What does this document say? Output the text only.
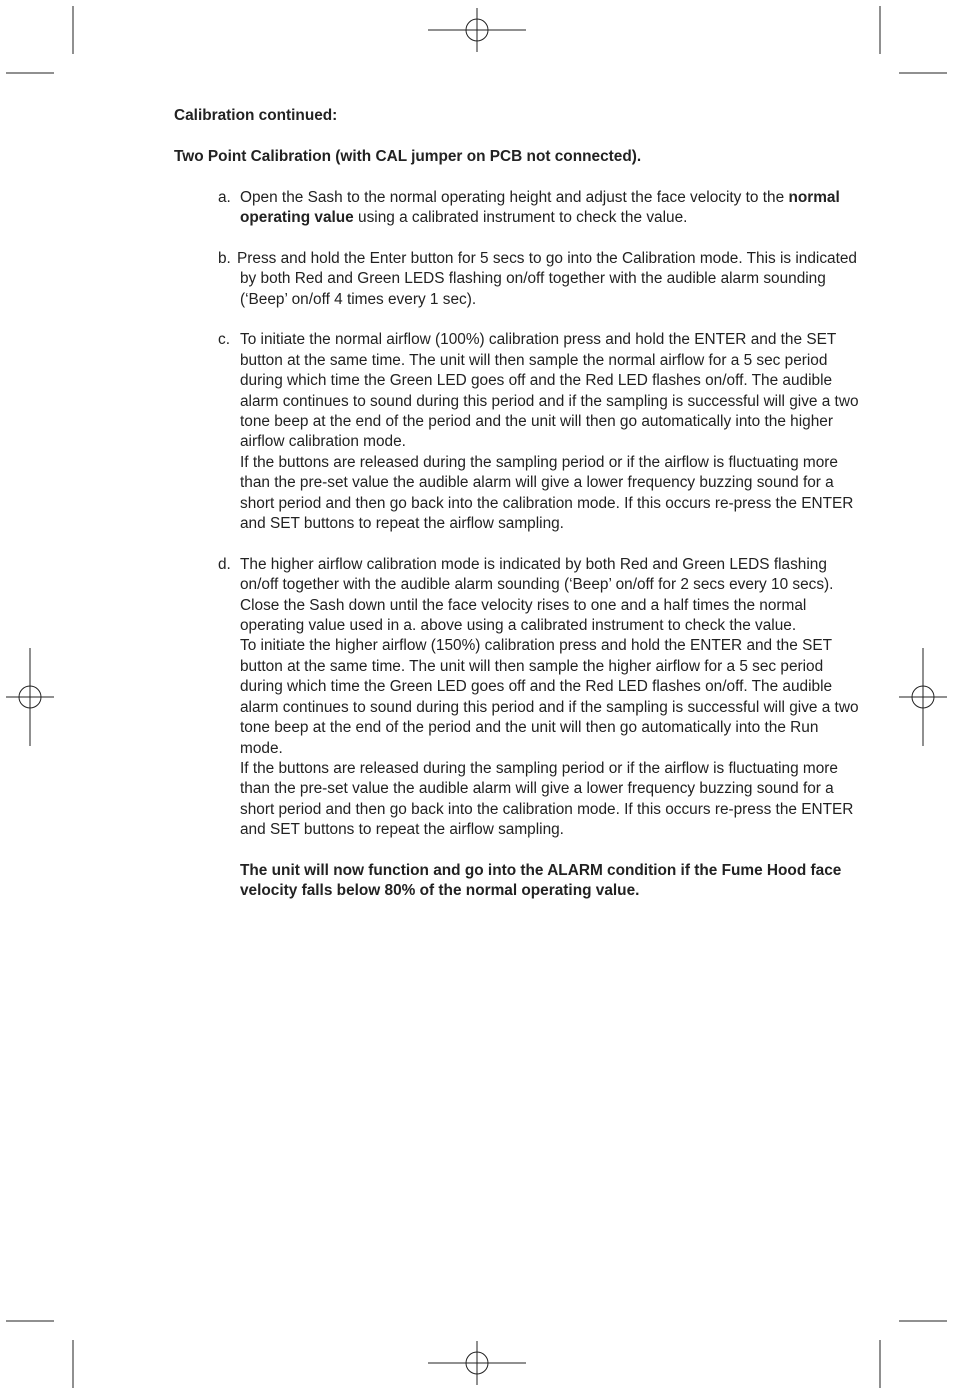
Calibration continued:

Two Point Calibration (with CAL jumper on PCB not connected).

a. Open the Sash to the normal operating height and adjust the face velocity to the normal operating value using a calibrated instrument to check the value.

b. Press and hold the Enter button for 5 secs to go into the Calibration mode. This is indicated by both Red and Green LEDS flashing on/off together with the audible alarm sounding (‘Beep’ on/off 4 times every 1 sec).

c. To initiate the normal airflow (100%) calibration press and hold the ENTER and the SET button at the same time. The unit will then sample the normal airflow for a 5 sec period during which time the Green LED goes off and the Red LED flashes on/off. The audible alarm continues to sound during this period and if the sampling is successful will give a two tone beep at the end of the period and the unit will then go automatically into the higher airflow calibration mode.

If the buttons are released during the sampling period or if the airflow is fluctuating more than the pre-set value the audible alarm will give a lower frequency buzzing sound for a short period and then go back into the calibration mode. If this occurs re-press the ENTER and SET buttons to repeat the airflow sampling.

d. The higher airflow calibration mode is indicated by both Red and Green LEDS flashing on/off together with the audible alarm sounding (‘Beep’ on/off for 2 secs every 10 secs).

Close the Sash down until the face velocity rises to one and a half times the normal operating value used in a. above using a calibrated instrument to check the value.

To initiate the higher airflow (150%) calibration press and hold the ENTER and the SET button at the same time. The unit will then sample the higher airflow for a 5 sec period during which time the Green LED goes off and the Red LED flashes on/off. The audible alarm continues to sound during this period and if the sampling is successful will give a two tone beep at the end of the period and the unit will then go automatically into the Run mode.

If the buttons are released during the sampling period or if the airflow is fluctuating more than the pre-set value the audible alarm will give a lower frequency buzzing sound for a short period and then go back into the calibration mode. If this occurs re-press the ENTER and SET buttons to repeat the airflow sampling.

The unit will now function and go into the ALARM condition if the Fume Hood face velocity falls below 80% of the normal operating value.
